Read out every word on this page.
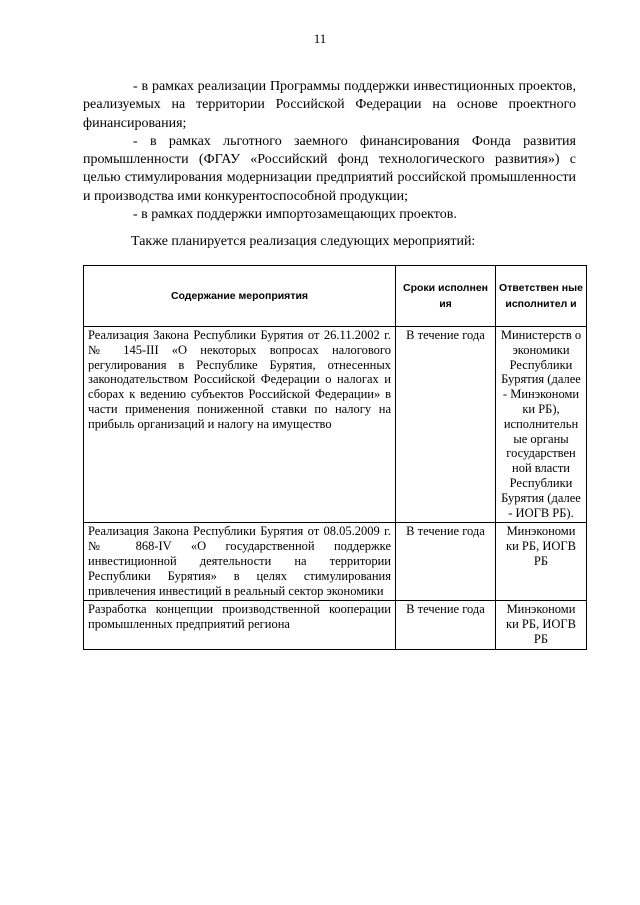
11

- в рамках реализации Программы поддержки инвестиционных проектов, реализуемых на территории Российской Федерации на основе проектного финансирования;

- в рамках льготного заемного финансирования Фонда развития промышленности (ФГАУ «Российский фонд технологического развития») с целью стимулирования модернизации предприятий российской промышленности и производства ими конкурентоспособной продукции;

- в рамках поддержки импортозамещающих проектов.

Также планируется реализация следующих мероприятий:

Содержание мероприятия	Сроки исполнен ия	Ответствен ные исполнител и
Реализация Закона Республики Бурятия от 26.11.2002 г. № 145-III «О некоторых вопросах налогового регулирования в Республике Бурятия, отнесенных законодательством Российской Федерации о налогах и сборах к ведению субъектов Российской Федерации» в части применения пониженной ставки по налогу на прибыль организаций и налогу на имущество	В течение года	Министерств о экономики Республики Бурятия (далее - Минэкономи ки РБ), исполнительн ые органы государствен ной власти Республики Бурятия (далее - ИОГВ РБ).
Реализация Закона Республики Бурятия от 08.05.2009 г. № 868-IV «О государственной поддержке инвестиционной деятельности на территории Республики Бурятия» в целях стимулирования привлечения инвестиций в реальный сектор экономики	В течение года	Минэкономи ки РБ, ИОГВ РБ
Разработка концепции производственной кооперации промышленных предприятий региона	В течение года	Минэкономи ки РБ, ИОГВ РБ
